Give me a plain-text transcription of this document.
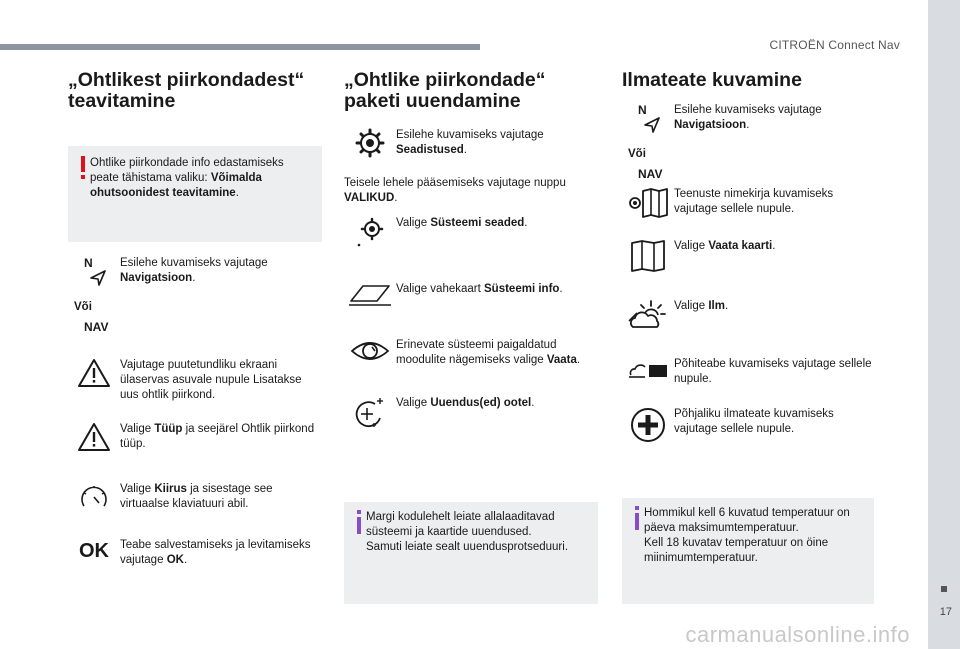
CITROËN Connect Nav
17
carmanualsonline.info
„Ohtlikest piirkondadest“ teavitamine
Ohtlike piirkondade info edastamiseks peate tähistama valiku: Võimalda ohutsoonidest teavitamine.
N
Või
NAV
Esilehe kuvamiseks vajutage Navigatsioon.
Vajutage puutetundliku ekraani ülaservas asuvale nupule Lisatakse uus ohtlik piirkond.
Valige Tüüp ja seejärel Ohtlik piirkond tüüp.
Valige Kiirus ja sisestage see virtuaalse klaviatuuri abil.
OK Teabe salvestamiseks ja levitamiseks vajutage OK.
„Ohtlike piirkondade“ paketi uuendamine
Esilehe kuvamiseks vajutage Seadistused.
Teisele lehele pääsemiseks vajutage nuppu VALIKUD.
Valige Süsteemi seaded.
Valige vahekaart Süsteemi info.
Erinevate süsteemi paigaldatud moodulite nägemiseks valige Vaata.
Valige Uuendus(ed) ootel.
Margi kodulehelt leiate allalaaditavad süsteemi ja kaartide uuendused.
Samuti leiate sealt uuendusprotseduuri.
Ilmateate kuvamine
N
Või
NAV
Esilehe kuvamiseks vajutage Navigatsioon.
Teenuste nimekirja kuvamiseks vajutage sellele nupule.
Valige Vaata kaarti.
Valige Ilm.
Põhiteabe kuvamiseks vajutage sellele nupule.
Põhjaliku ilmateate kuvamiseks vajutage sellele nupule.
Hommikul kell 6 kuvatud temperatuur on päeva maksimumtemperatuur.
Kell 18 kuvatav temperatuur on öine miinimumtemperatuur.
